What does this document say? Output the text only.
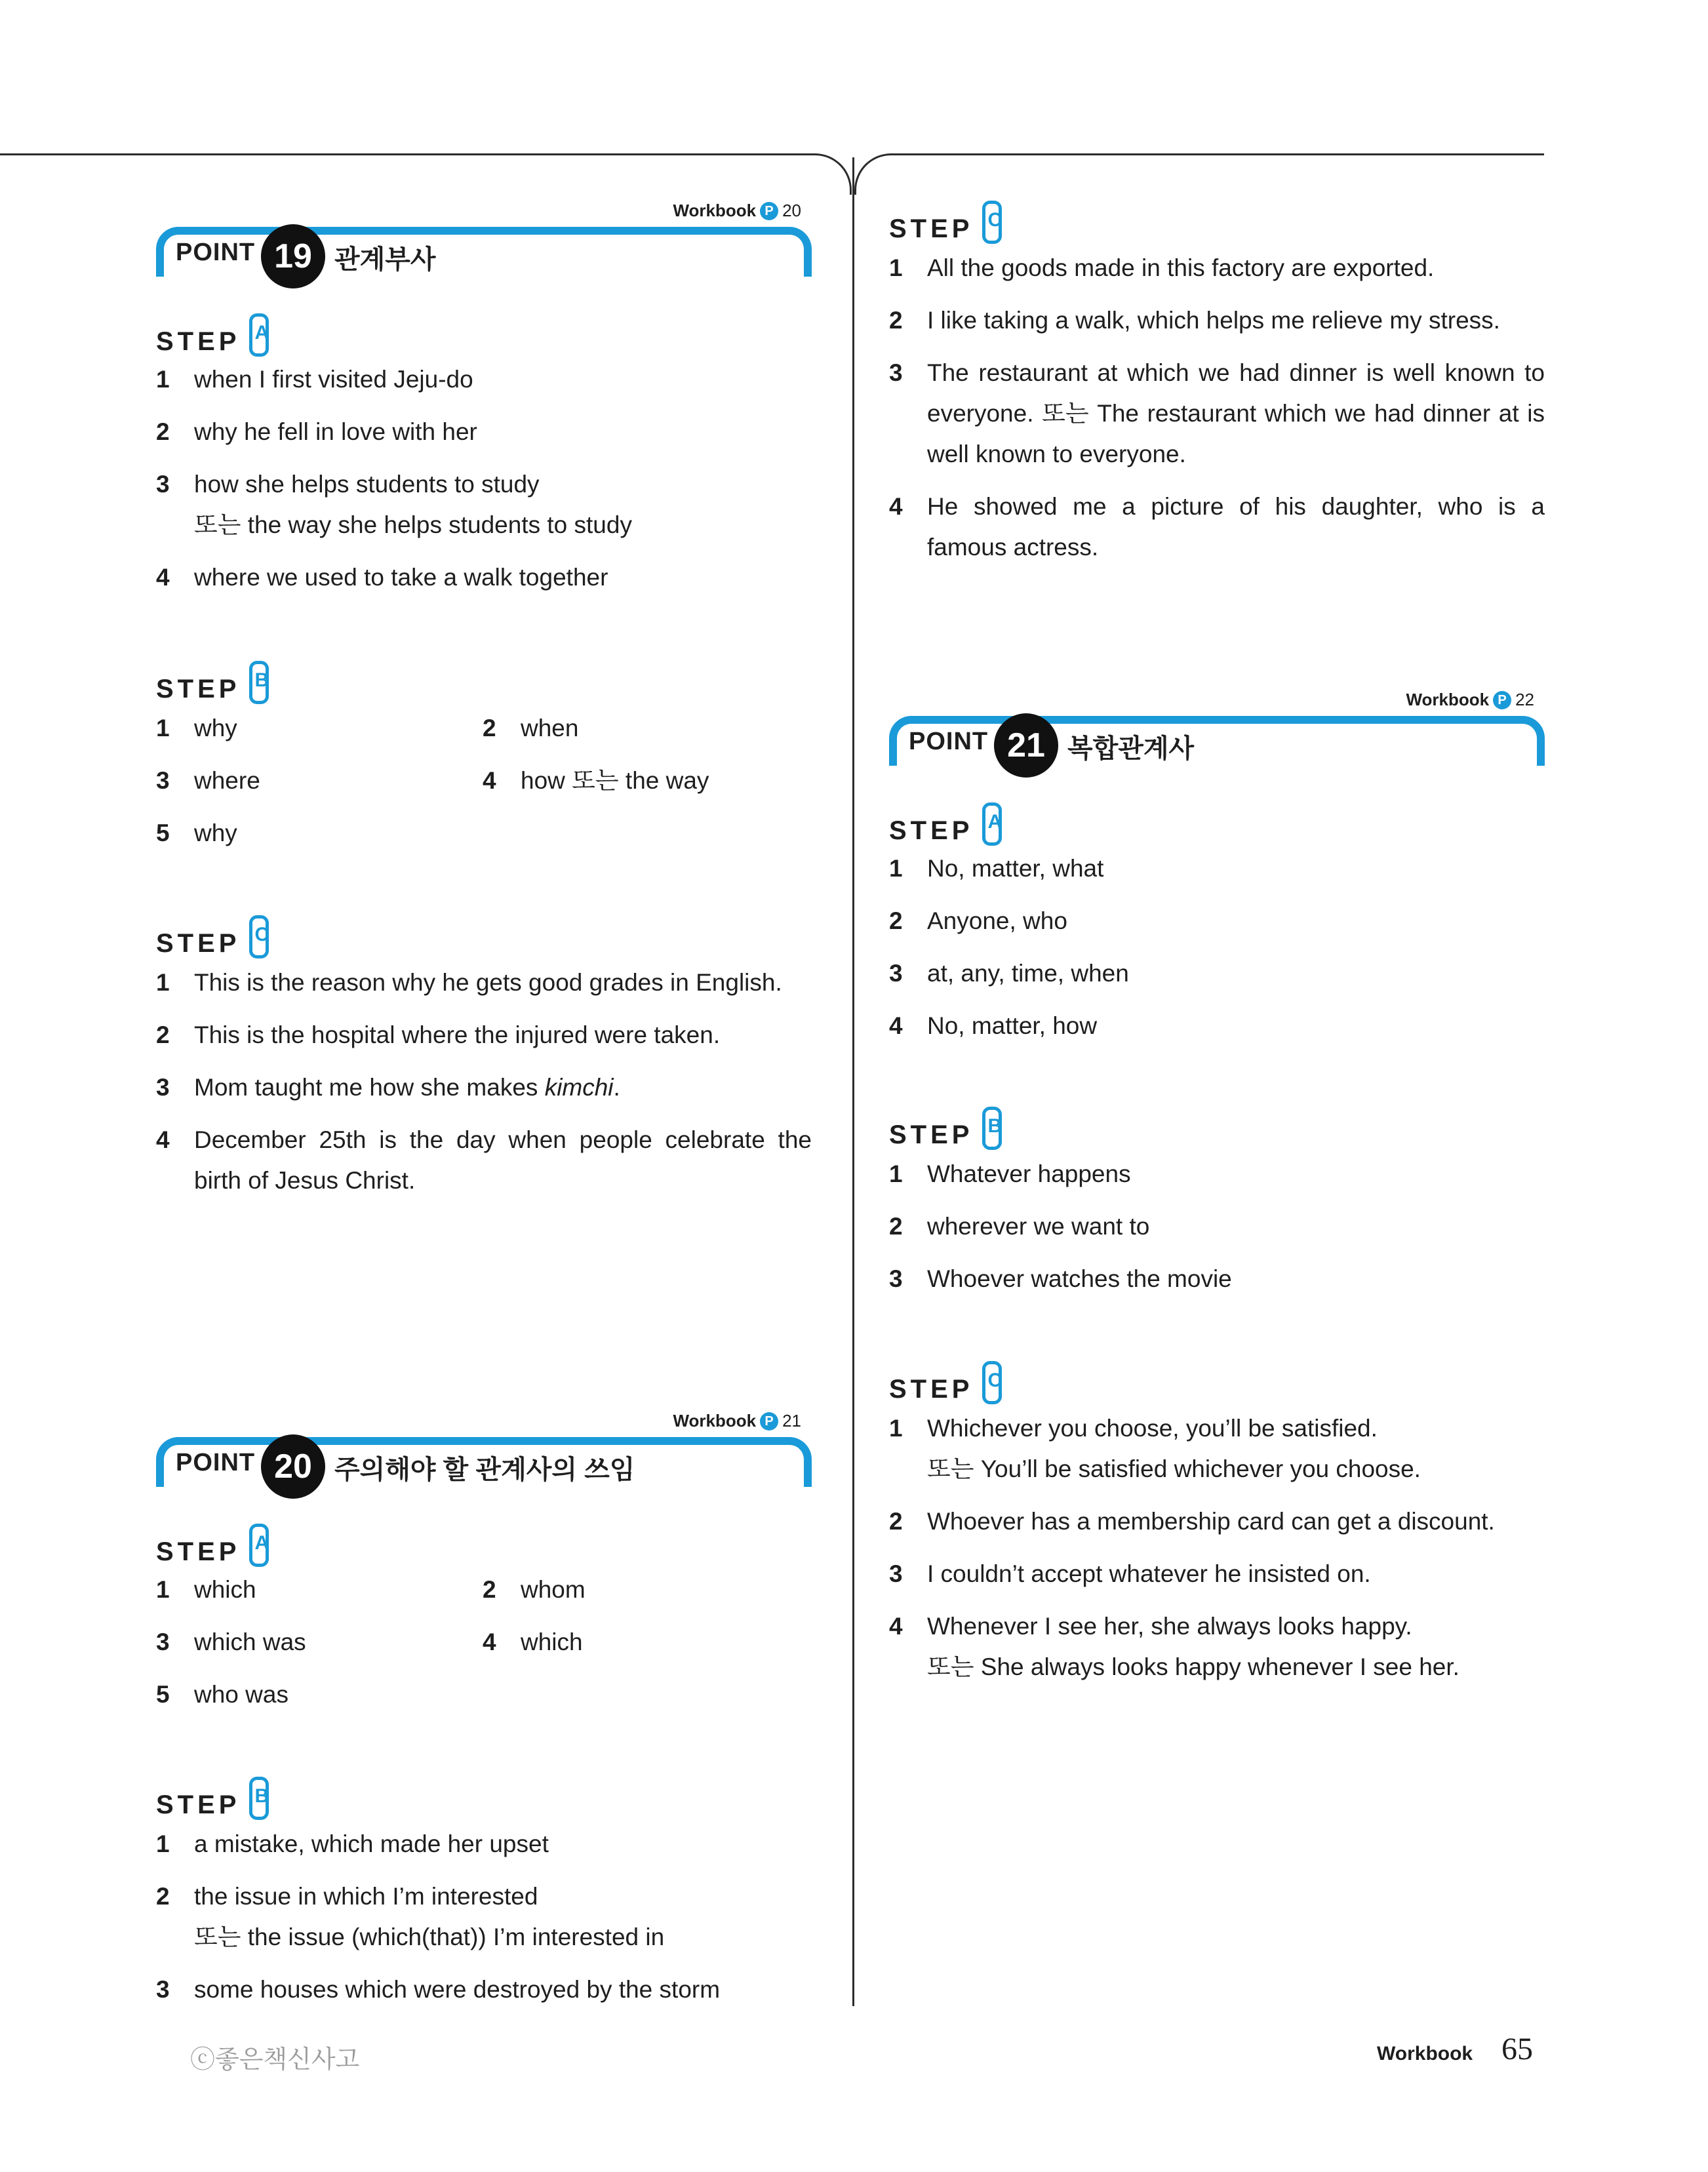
Workbook P 20
POINT 19 관계부사
STEP A
1 when I first visited Jeju-do
2 why he fell in love with her
3 how she helps students to study
또는 the way she helps students to study
4 where we used to take a walk together
STEP B
1 why	2 when
3 where	4 how 또는 the way
5 why
STEP C
1 This is the reason why he gets good grades in English.
2 This is the hospital where the injured were taken.
3 Mom taught me how she makes kimchi.
4 December 25th is the day when people celebrate the
birth of Jesus Christ.
Workbook P 21
POINT 20 주의해야 할 관계사의 쓰임
STEP A
1 which	2 whom
3 which was	4 which
5 who was
STEP B
1 a mistake, which made her upset
2 the issue in which I’m interested
또는 the issue (which(that)) I’m interested in
3 some houses which were destroyed by the storm
STEP C
1 All the goods made in this factory are exported.
2 I like taking a walk, which helps me relieve my stress.
3 The restaurant at which we had dinner is well known to
everyone. 또는 The restaurant which we had dinner at is
well known to everyone.
4 He showed me a picture of his daughter, who is a
famous actress.
Workbook P 22
POINT 21 복합관계사
STEP A
1 No, matter, what
2 Anyone, who
3 at, any, time, when
4 No, matter, how
STEP B
1 Whatever happens
2 wherever we want to
3 Whoever watches the movie
STEP C
1 Whichever you choose, you’ll be satisfied.
또는 You’ll be satisfied whichever you choose.
2 Whoever has a membership card can get a discount.
3 I couldn’t accept whatever he insisted on.
4 Whenever I see her, she always looks happy.
또는 She always looks happy whenever I see her.
ⓒ좋은책신사고	Workbook 65
